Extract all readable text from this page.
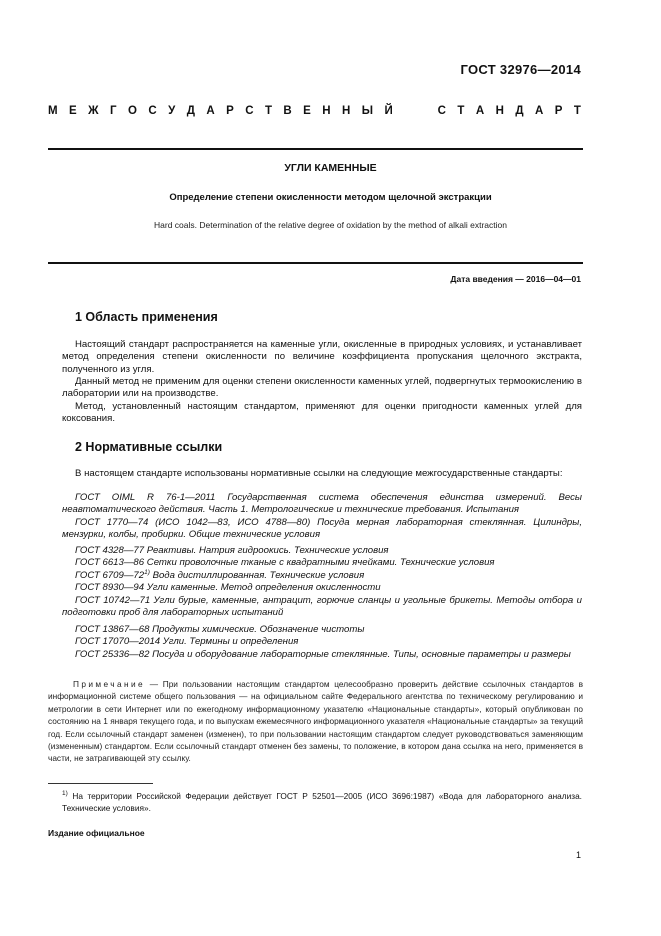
ГОСТ 32976—2014
М Е Ж Г О С У Д А Р С Т В Е Н Н Ы Й	С Т А Н Д А Р Т
УГЛИ КАМЕННЫЕ
Определение степени окисленности методом щелочной экстракции
Hard coals. Determination of the relative degree of oxidation by the method of alkali extraction
Дата введения — 2016—04—01
1 Область применения
Настоящий стандарт распространяется на каменные угли, окисленные в природных условиях, и устанавливает метод определения степени окисленности по величине коэффициента пропускания щелочного экстракта, полученного из угля.
Данный метод не применим для оценки степени окисленности каменных углей, подвергнутых термоокислению в лаборатории или на производстве.
Метод, установленный настоящим стандартом, применяют для оценки пригодности каменных углей для коксования.
2 Нормативные ссылки
В настоящем стандарте использованы нормативные ссылки на следующие межгосударственные стандарты:
ГОСТ OIML R 76-1—2011 Государственная система обеспечения единства измерений. Весы неавтоматического действия. Часть 1. Метрологические и технические требования. Испытания
ГОСТ 1770—74 (ИСО 1042—83, ИСО 4788—80) Посуда мерная лабораторная стеклянная. Цилиндры, мензурки, колбы, пробирки. Общие технические условия
ГОСТ 4328—77 Реактивы. Натрия гидроокись. Технические условия
ГОСТ 6613—86 Сетки проволочные тканые с квадратными ячейками. Технические условия
ГОСТ 6709—72$^{1)}$ Вода дистиллированная. Технические условия
ГОСТ 8930—94 Угли каменные. Метод определения окисленности
ГОСТ 10742—71 Угли бурые, каменные, антрацит, горючие сланцы и угольные брикеты. Методы отбора и подготовки проб для лабораторных испытаний
ГОСТ 13867—68 Продукты химические. Обозначение чистоты
ГОСТ 17070—2014 Угли. Термины и определения
ГОСТ 25336—82 Посуда и оборудование лабораторные стеклянные. Типы, основные параметры и размеры
Примечание — При пользовании настоящим стандартом целесообразно проверить действие ссылочных стандартов в информационной системе общего пользования — на официальном сайте Федерального агентства по техническому регулированию и метрологии в сети Интернет или по ежегодному информационному указателю «Национальные стандарты», который опубликован по состоянию на 1 января текущего года, и по выпускам ежемесячного информационного указателя «Национальные стандарты» за текущий год. Если ссылочный стандарт заменен (изменен), то при пользовании настоящим стандартом следует руководствоваться заменяющим (измененным) стандартом. Если ссылочный стандарт отменен без замены, то положение, в котором дана ссылка на него, применяется в части, не затрагивающей эту ссылку.
$^{1)}$ На территории Российской Федерации действует ГОСТ Р 52501—2005 (ИСО 3696:1987) «Вода для лабораторного анализа. Технические условия».
Издание официальное
1
